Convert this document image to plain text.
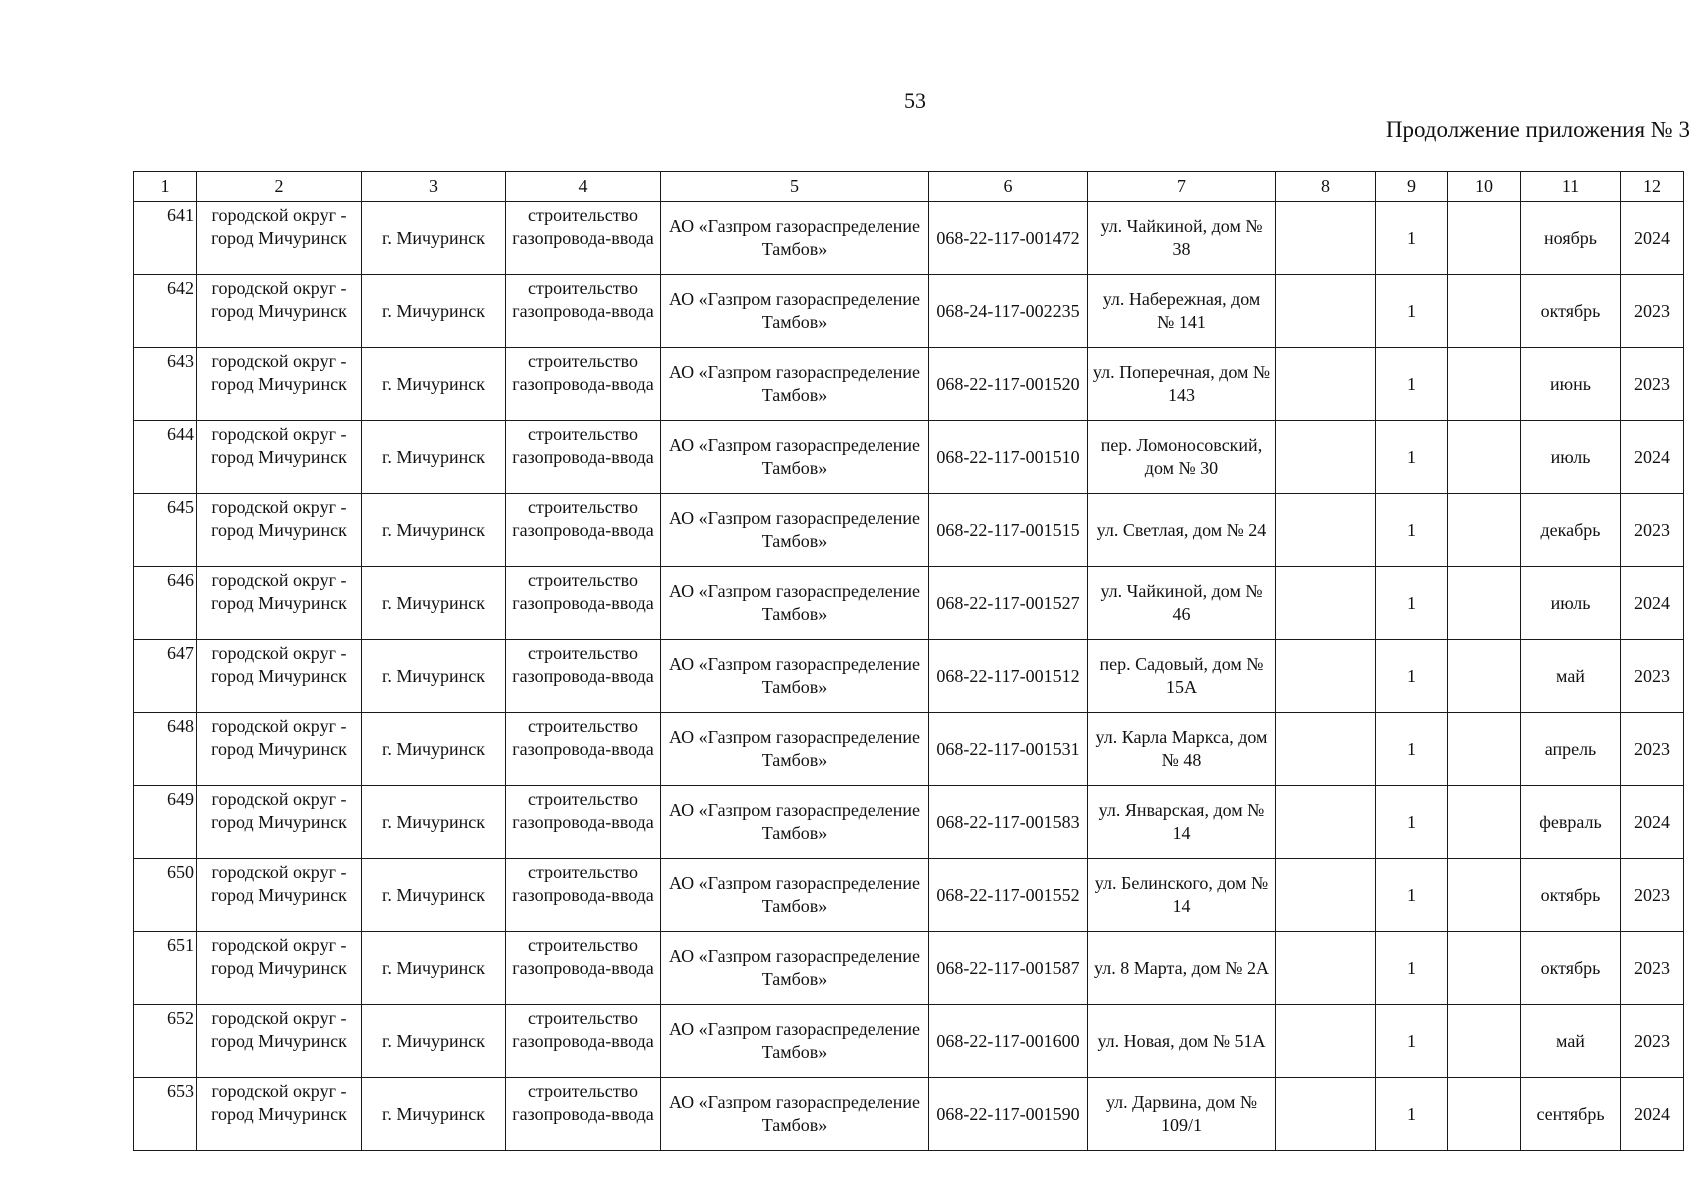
53
Продолжение приложения № 3
1	2	3	4	5	6	7	8	9	10	11	12
641	городской округ - город Мичуринск	г. Мичуринск	строительство газопровода-ввода	АО «Газпром газораспределение Тамбов»	068-22-117-001472	ул. Чайкиной, дом № 38		1		ноябрь	2024
642	городской округ - город Мичуринск	г. Мичуринск	строительство газопровода-ввода	АО «Газпром газораспределение Тамбов»	068-24-117-002235	ул. Набережная, дом № 141		1		октябрь	2023
643	городской округ - город Мичуринск	г. Мичуринск	строительство газопровода-ввода	АО «Газпром газораспределение Тамбов»	068-22-117-001520	ул. Поперечная, дом № 143		1		июнь	2023
644	городской округ - город Мичуринск	г. Мичуринск	строительство газопровода-ввода	АО «Газпром газораспределение Тамбов»	068-22-117-001510	пер. Ломоносовский, дом № 30		1		июль	2024
645	городской округ - город Мичуринск	г. Мичуринск	строительство газопровода-ввода	АО «Газпром газораспределение Тамбов»	068-22-117-001515	ул. Светлая, дом № 24		1		декабрь	2023
646	городской округ - город Мичуринск	г. Мичуринск	строительство газопровода-ввода	АО «Газпром газораспределение Тамбов»	068-22-117-001527	ул. Чайкиной, дом № 46		1		июль	2024
647	городской округ - город Мичуринск	г. Мичуринск	строительство газопровода-ввода	АО «Газпром газораспределение Тамбов»	068-22-117-001512	пер. Садовый, дом № 15А		1		май	2023
648	городской округ - город Мичуринск	г. Мичуринск	строительство газопровода-ввода	АО «Газпром газораспределение Тамбов»	068-22-117-001531	ул. Карла Маркса, дом № 48		1		апрель	2023
649	городской округ - город Мичуринск	г. Мичуринск	строительство газопровода-ввода	АО «Газпром газораспределение Тамбов»	068-22-117-001583	ул. Январская, дом № 14		1		февраль	2024
650	городской округ - город Мичуринск	г. Мичуринск	строительство газопровода-ввода	АО «Газпром газораспределение Тамбов»	068-22-117-001552	ул. Белинского, дом № 14		1		октябрь	2023
651	городской округ - город Мичуринск	г. Мичуринск	строительство газопровода-ввода	АО «Газпром газораспределение Тамбов»	068-22-117-001587	ул. 8 Марта, дом № 2А		1		октябрь	2023
652	городской округ - город Мичуринск	г. Мичуринск	строительство газопровода-ввода	АО «Газпром газораспределение Тамбов»	068-22-117-001600	ул. Новая, дом № 51А		1		май	2023
653	городской округ - город Мичуринск	г. Мичуринск	строительство газопровода-ввода	АО «Газпром газораспределение Тамбов»	068-22-117-001590	ул. Дарвина, дом № 109/1		1		сентябрь	2024
